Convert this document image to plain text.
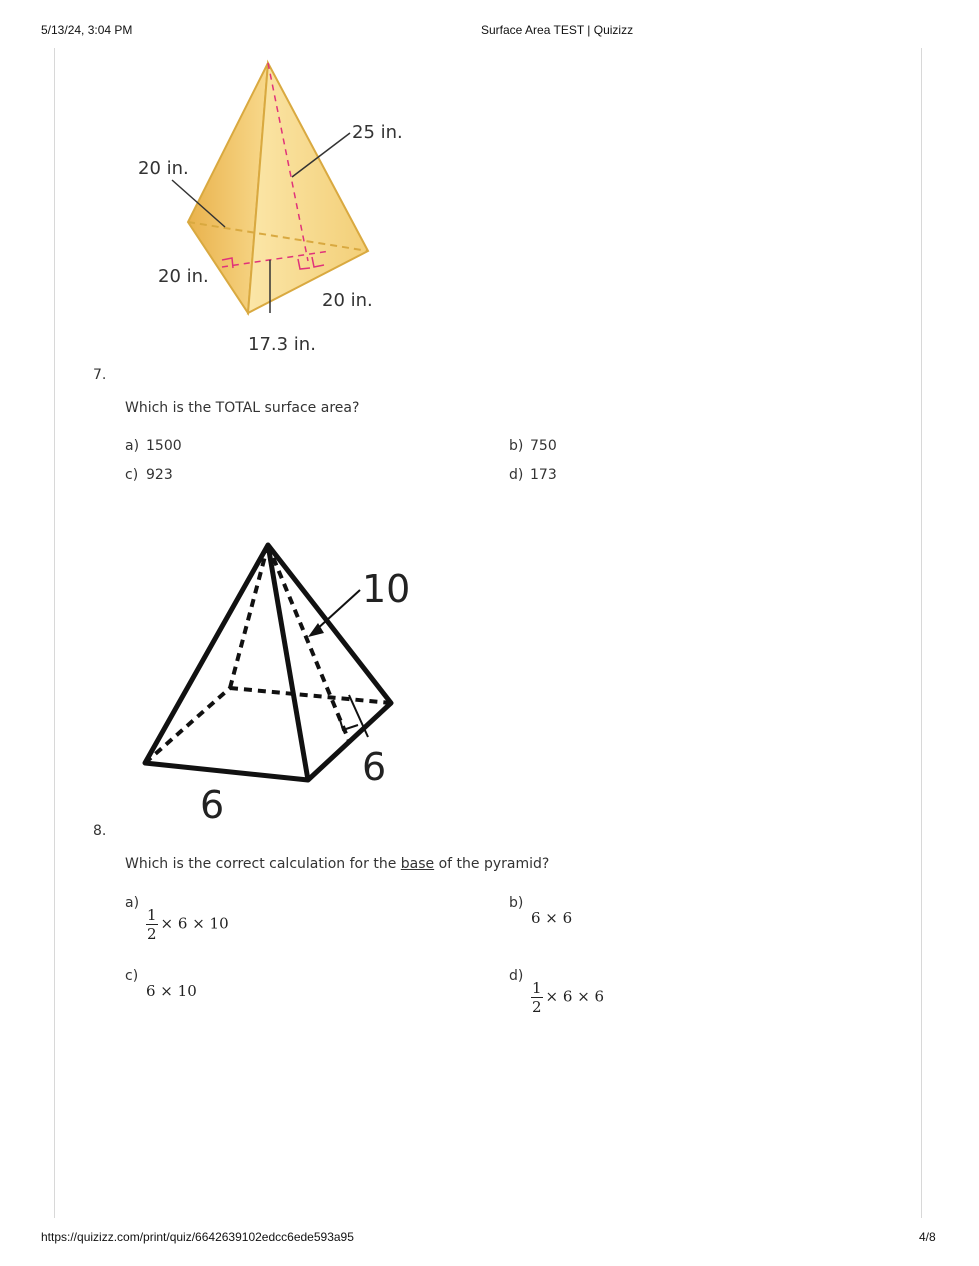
5/13/24, 3:04 PM	Surface Area TEST | Quizizz
https://quizizz.com/print/quiz/6642639102edcc6ede593a95	4/8
25 in.
20 in.
20 in.
20 in.
17.3 in.
7.
Which is the TOTAL surface area?
a) 1500	b) 750
c) 923	d) 173
10
6
6
8.
Which is the correct calculation for the base of the pyramid?
a)
$\frac{1}{2} \times 6 \times 10$
b)
6 × 6
c)
6 × 10
d)
$\frac{1}{2} \times 6 \times 6$
